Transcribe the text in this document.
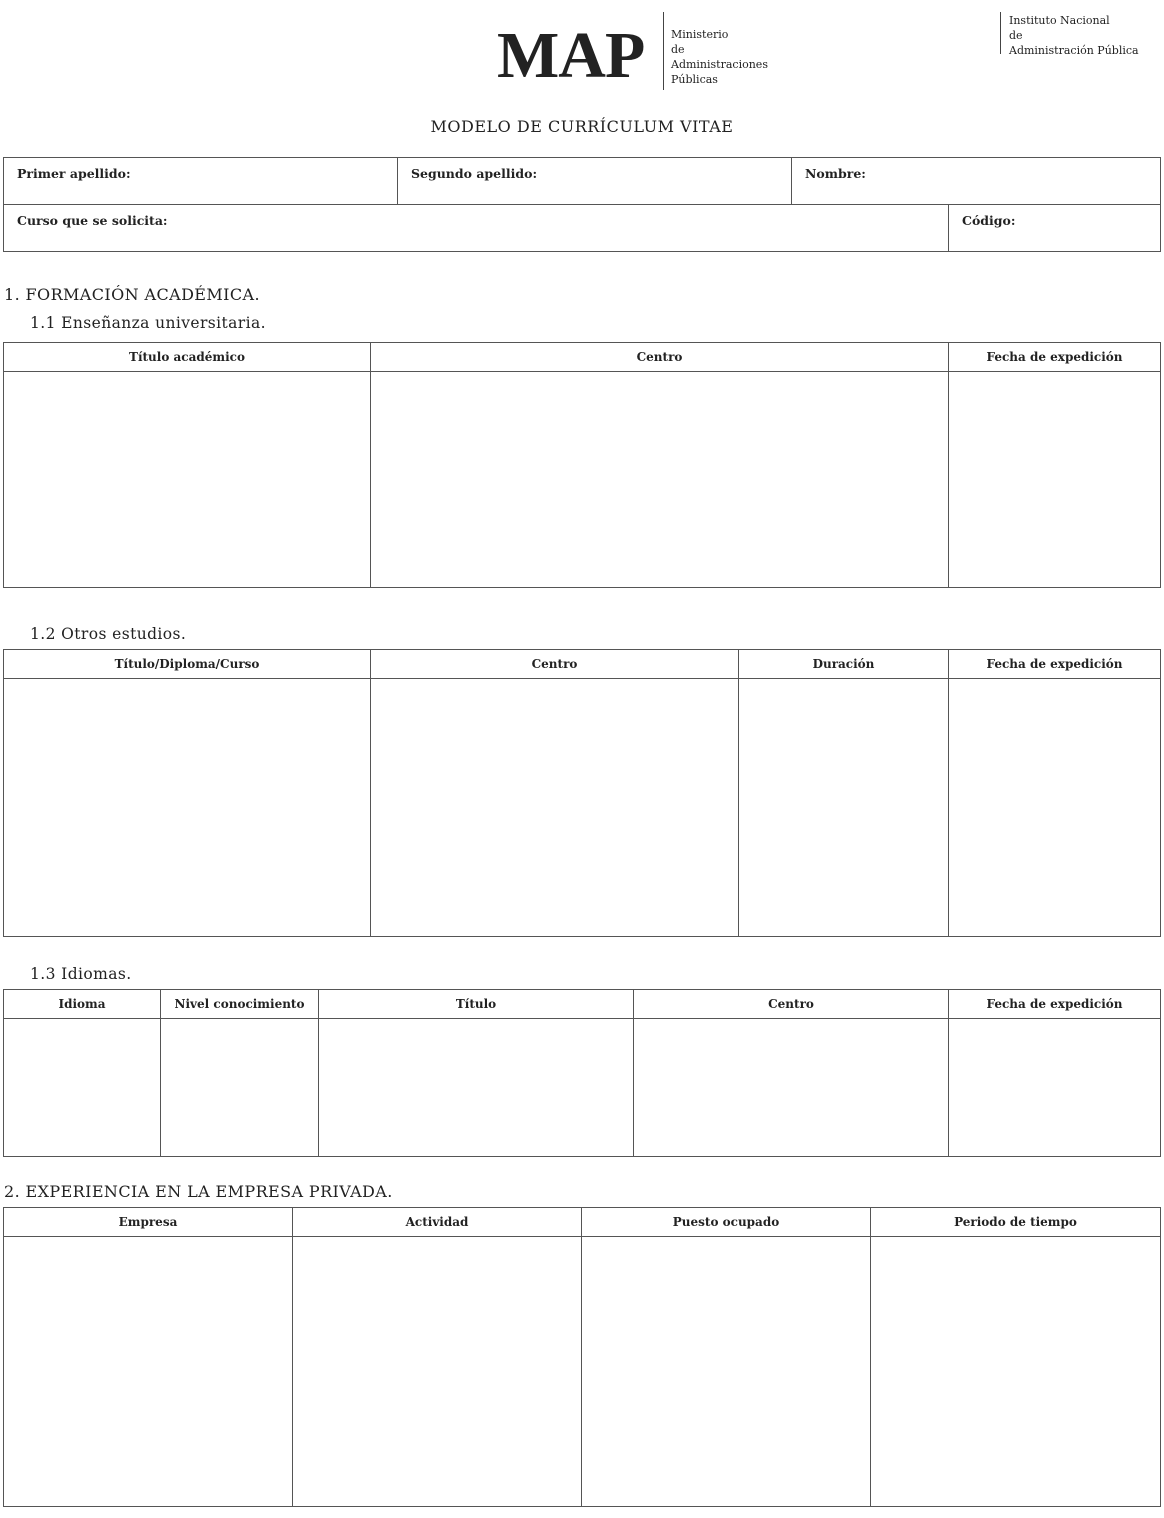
MAP Ministerio
de
Administraciones
Públicas
Instituto Nacional
de
Administración Pública
MODELO DE CURRÍCULUM VITAE
Primer apellido:	Segundo apellido:	Nombre:	
Curso que se solicita:			Código:
1. FORMACIÓN ACADÉMICA.
1.1 Enseñanza universitaria.
Título académico	Centro	Fecha de expedición

1.2 Otros estudios.
Título/Diploma/Curso	Centro	Duración	Fecha de expedición

1.3 Idiomas.
Idioma	Nivel conocimiento	Título	Centro	Fecha de expedición

2. EXPERIENCIA EN LA EMPRESA PRIVADA.
Empresa	Actividad	Puesto ocupado	Periodo de tiempo
